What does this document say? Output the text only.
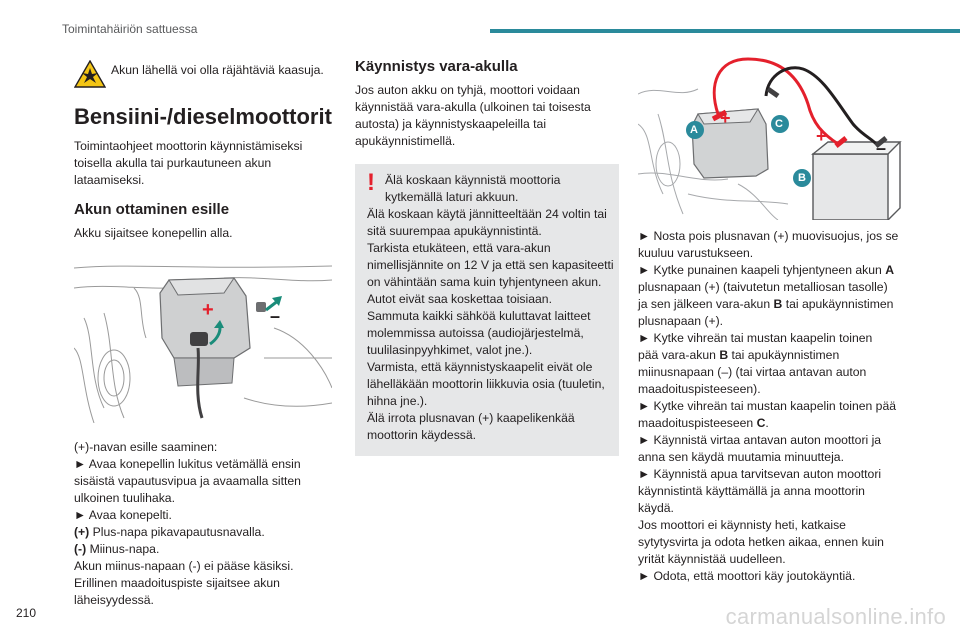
Toimintahäiriön sattuessa
Akun lähellä voi olla räjähtäviä kaasuja.
Bensiini-/dieselmoottorit
Toimintaohjeet moottorin käynnistämiseksi
toisella akulla tai purkautuneen akun
lataamiseksi.
Akun ottaminen esille
Akku sijaitsee konepellin alla.
+	–
(+)-navan esille saaminen:
► Avaa konepellin lukitus vetämällä ensin
sisäistä vapautusvipua ja avaamalla sitten
ulkoinen tuulihaka.
► Avaa konepelti.
(+) Plus-napa pikavapautusnavalla.
(-) Miinus-napa.
Akun miinus-napaan (-) ei pääse käsiksi.
Erillinen maadoituspiste sijaitsee akun
läheisyydessä.
Käynnistys vara-akulla
Jos auton akku on tyhjä, moottori voidaan
käynnistää vara-akulla (ulkoinen tai toisesta
autosta) ja käynnistyskaapeleilla tai
apukäynnistimellä.
! Älä koskaan käynnistä moottoria
kytkemällä laturi akkuun.
Älä koskaan käytä jännitteeltään 24 voltin tai
sitä suurempaa apukäynnistintä.
Tarkista etukäteen, että vara-akun
nimellisjännite on 12 V ja että sen kapasiteetti
on vähintään sama kuin tyhjentyneen akun.
Autot eivät saa koskettaa toisiaan.
Sammuta kaikki sähköä kuluttavat laitteet
molemmissa autoissa (audiojärjestelmä,
tuulilasinpyyhkimet, valot jne.).
Varmista, että käynnistyskaapelit eivät ole
lähelläkään moottorin liikkuvia osia (tuuletin,
hihna jne.).
Älä irrota plusnavan (+) kaapelikenkää
moottorin käydessä.
A	C
B
+
+
–
► Nosta pois plusnavan (+) muovisuojus, jos se
kuuluu varustukseen.
► Kytke punainen kaapeli tyhjentyneen akun A
plusnapaan (+) (taivutetun metalliosan tasolle)
ja sen jälkeen vara-akun B tai apukäynnistimen
plusnapaan (+).
► Kytke vihreän tai mustan kaapelin toinen
pää vara-akun B tai apukäynnistimen
miinusnapaan (–) (tai virtaa antavan auton
maadoituspisteeseen).
► Kytke vihreän tai mustan kaapelin toinen pää
maadoituspisteeseen C.
► Käynnistä virtaa antavan auton moottori ja
anna sen käydä muutamia minuutteja.
► Käynnistä apua tarvitsevan auton moottori
käynnistintä käyttämällä ja anna moottorin
käydä.
Jos moottori ei käynnisty heti, katkaise
sytytysvirta ja odota hetken aikaa, ennen kuin
yrität käynnistää uudelleen.
► Odota, että moottori käy joutokäyntiä.
210	carmanualsonline.info
